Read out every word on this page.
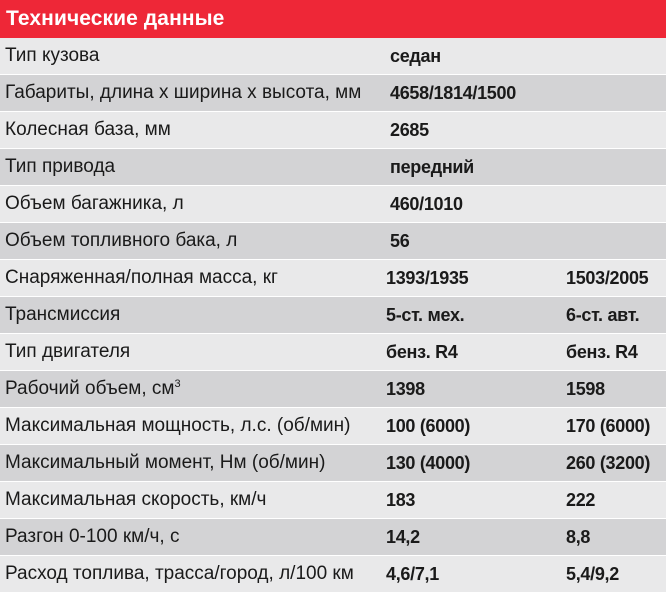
Технические данные
Тип кузова	седан
Габариты, длина х ширина х высота, мм 4658/1814/1500
Колесная база, мм	2685
Тип привода	передний
Объем багажника, л	460/1010
Объем топливного бака, л	56
Снаряженная/полная масса, кг	1393/1935	1503/2005
Трансмиссия	5-ст. мех.	6-ст. авт.
Тип двигателя	бенз. R4	бенз. R4
Рабочий объем, $см^3$	1398	1598
Максимальная мощность, л.с. (об/мин) 100 (6000)	170 (6000)
Максимальный момент, Нм (об/мин)	130 (4000)	260 (3200)
Максимальная скорость, км/ч	183	222
Разгон 0-100 км/ч, с	14,2	8,8
Расход топлива, трасса/город, л/100 км 4,6/7,1	5,4/9,2
